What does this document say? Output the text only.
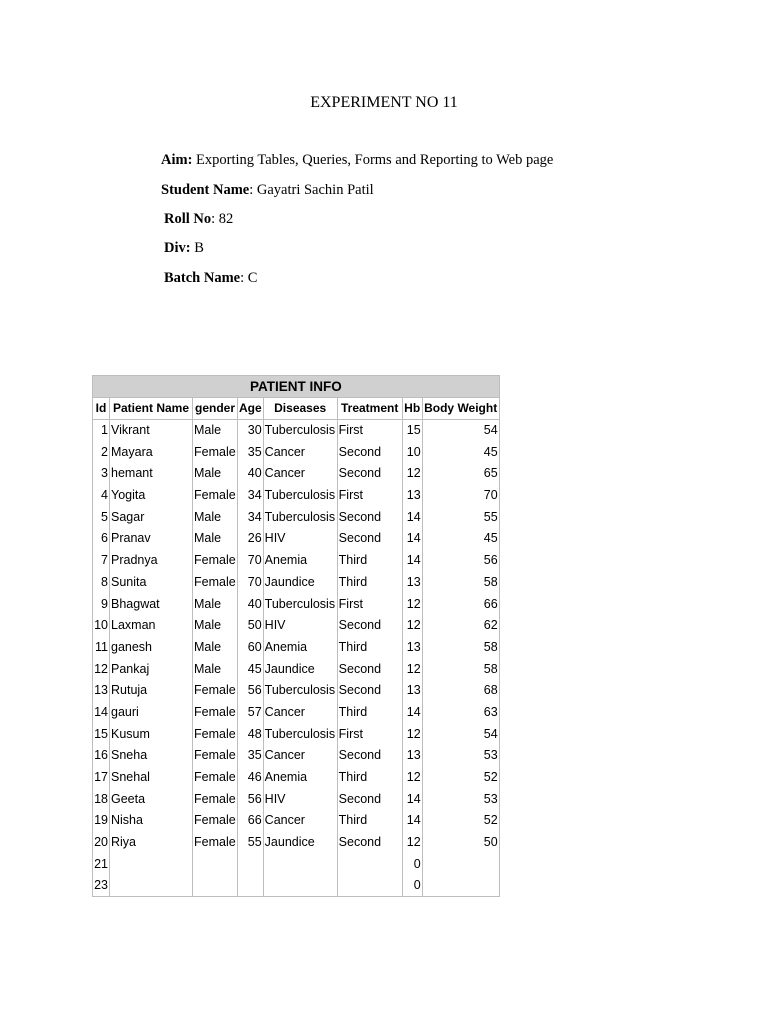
EXPERIMENT NO 11
Aim: Exporting Tables, Queries, Forms and Reporting to Web page
Student Name: Gayatri Sachin Patil
Roll No: 82
Div: B
Batch Name: C
PATIENT INFO							
Id	Patient Name	gender	Age	Diseases	Treatment	Hb	Body Weight
1	Vikrant	Male	30	Tuberculosis	First	15	54
2	Mayara	Female	35	Cancer	Second	10	45
3	hemant	Male	40	Cancer	Second	12	65
4	Yogita	Female	34	Tuberculosis	First	13	70
5	Sagar	Male	34	Tuberculosis	Second	14	55
6	Pranav	Male	26	HIV	Second	14	45
7	Pradnya	Female	70	Anemia	Third	14	56
8	Sunita	Female	70	Jaundice	Third	13	58
9	Bhagwat	Male	40	Tuberculosis	First	12	66
10	Laxman	Male	50	HIV	Second	12	62
11	ganesh	Male	60	Anemia	Third	13	58
12	Pankaj	Male	45	Jaundice	Second	12	58
13	Rutuja	Female	56	Tuberculosis	Second	13	68
14	gauri	Female	57	Cancer	Third	14	63
15	Kusum	Female	48	Tuberculosis	First	12	54
16	Sneha	Female	35	Cancer	Second	13	53
17	Snehal	Female	46	Anemia	Third	12	52
18	Geeta	Female	56	HIV	Second	14	53
19	Nisha	Female	66	Cancer	Third	14	52
20	Riya	Female	55	Jaundice	Second	12	50
21						0	
23						0	
